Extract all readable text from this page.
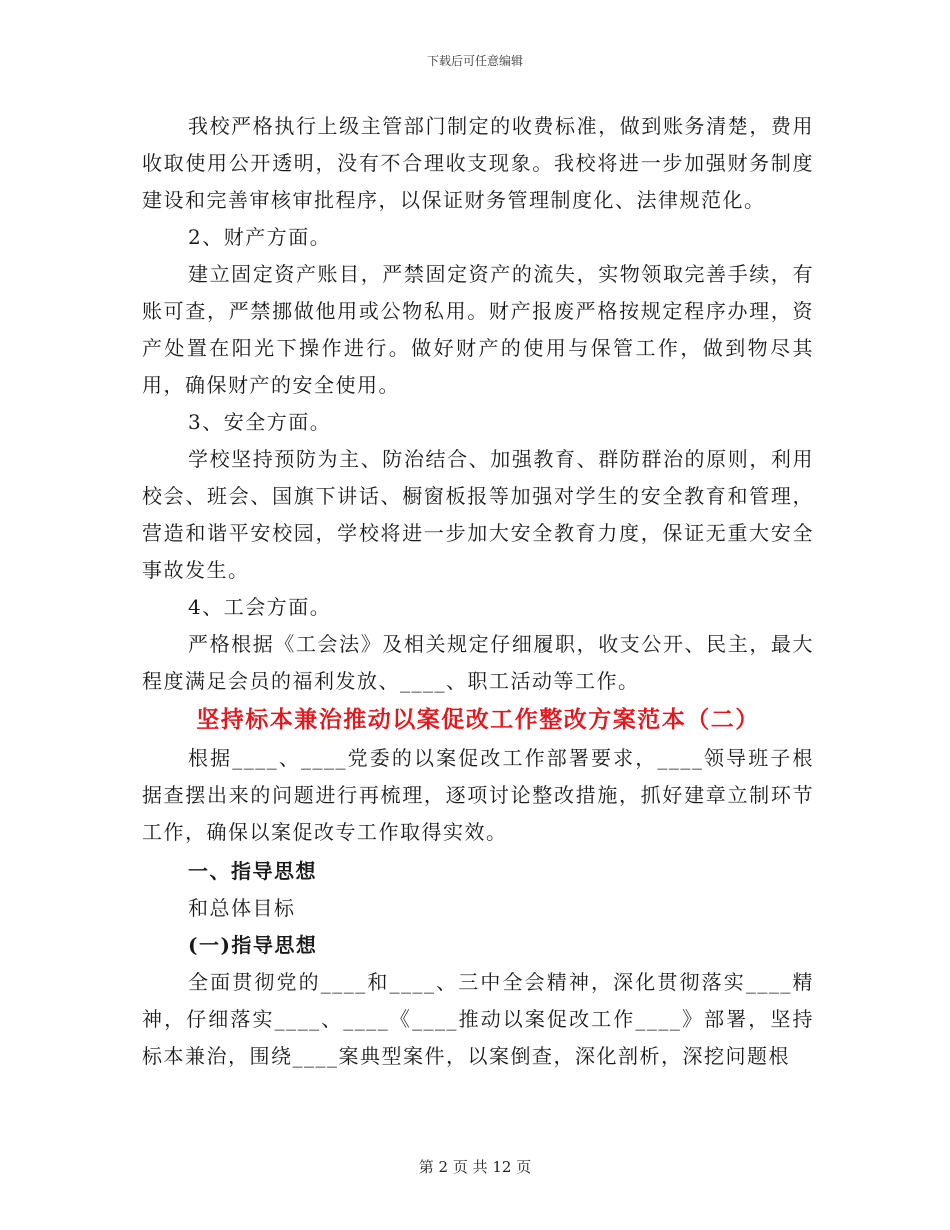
下载后可任意编辑

我校严格执行上级主管部门制定的收费标准，做到账务清楚，费用收取使用公开透明，没有不合理收支现象。我校将进一步加强财务制度建设和完善审核审批程序，以保证财务管理制度化、法律规范化。

2、财产方面。

建立固定资产账目，严禁固定资产的流失，实物领取完善手续，有账可查，严禁挪做他用或公物私用。财产报废严格按规定程序办理，资产处置在阳光下操作进行。做好财产的使用与保管工作，做到物尽其用，确保财产的安全使用。

3、安全方面。

学校坚持预防为主、防治结合、加强教育、群防群治的原则，利用校会、班会、国旗下讲话、橱窗板报等加强对学生的安全教育和管理，营造和谐平安校园，学校将进一步加大安全教育力度，保证无重大安全事故发生。

4、工会方面。

严格根据《工会法》及相关规定仔细履职，收支公开、民主，最大程度满足会员的福利发放、____、职工活动等工作。

坚持标本兼治推动以案促改工作整改方案范本（二）

根据____、____党委的以案促改工作部署要求，____领导班子根据查摆出来的问题进行再梳理，逐项讨论整改措施，抓好建章立制环节工作，确保以案促改专工作取得实效。

一、指导思想

和总体目标

(一)指导思想

全面贯彻党的____和____、三中全会精神，深化贯彻落实____精神，仔细落实____、____《____推动以案促改工作____》部署，坚持标本兼治，围绕____案典型案件，以案倒查，深化剖析，深挖问题根

第 2 页 共 12 页
